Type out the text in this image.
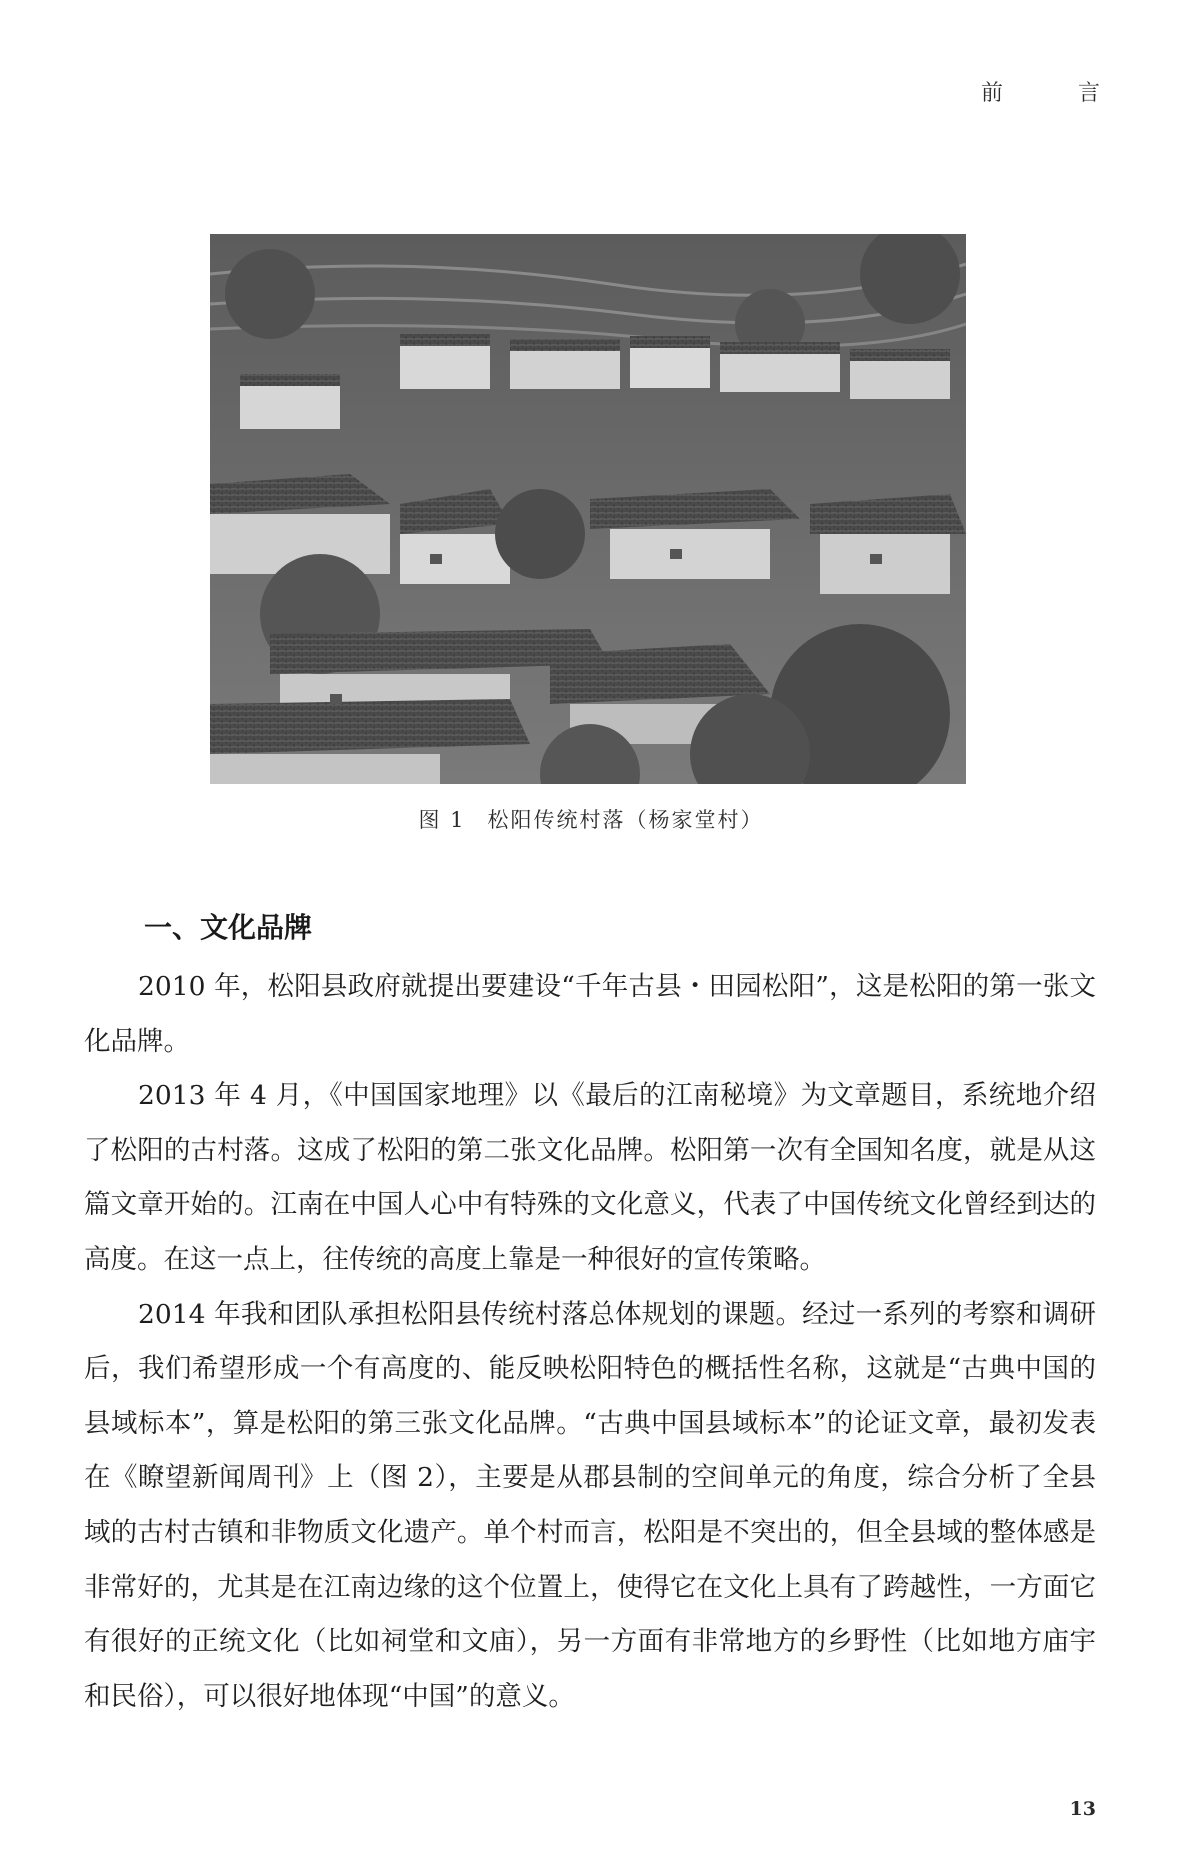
前 言
图 1 松阳传统村落（杨家堂村）
一、文化品牌

2010 年，松阳县政府就提出要建设“千年古县・田园松阳”，这是松阳的第一张文化品牌。

2013 年 4 月，《中国国家地理》以《最后的江南秘境》为文章题目，系统地介绍了松阳的古村落。这成了松阳的第二张文化品牌。松阳第一次有全国知名度，就是从这篇文章开始的。江南在中国人心中有特殊的文化意义，代表了中国传统文化曾经到达的高度。在这一点上，往传统的高度上靠是一种很好的宣传策略。

2014 年我和团队承担松阳县传统村落总体规划的课题。经过一系列的考察和调研后，我们希望形成一个有高度的、能反映松阳特色的概括性名称，这就是“古典中国的县域标本”，算是松阳的第三张文化品牌。“古典中国县域标本”的论证文章，最初发表在《瞭望新闻周刊》上（图 2），主要是从郡县制的空间单元的角度，综合分析了全县域的古村古镇和非物质文化遗产。单个村而言，松阳是不突出的，但全县域的整体感是非常好的，尤其是在江南边缘的这个位置上，使得它在文化上具有了跨越性，一方面它有很好的正统文化（比如祠堂和文庙），另一方面有非常地方的乡野性（比如地方庙宇和民俗），可以很好地体现“中国”的意义。

13
